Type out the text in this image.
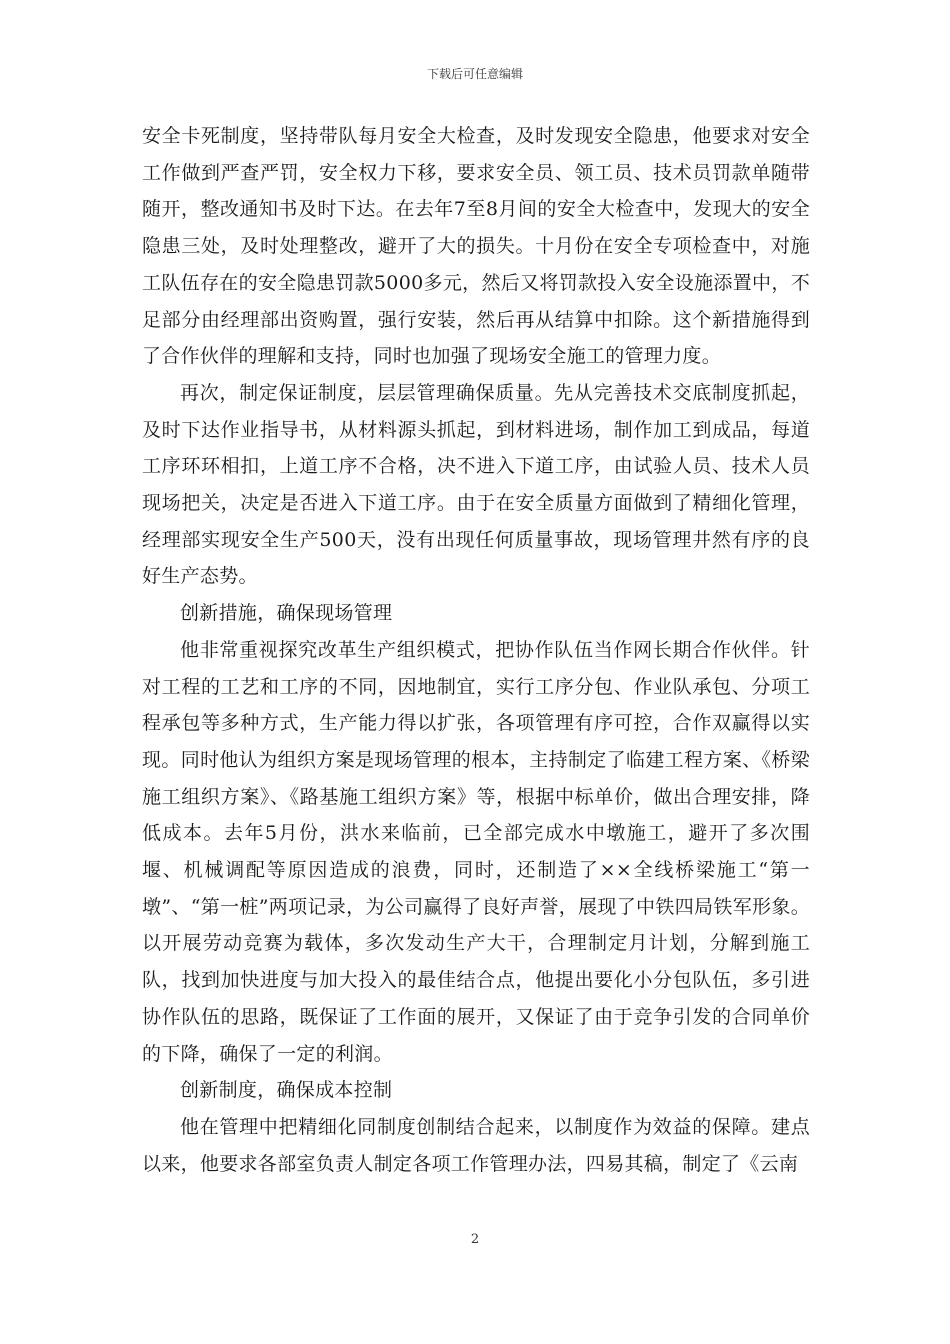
下载后可任意编辑

安全卡死制度，坚持带队每月安全大检查，及时发现安全隐患，他要求对安全工作做到严查严罚，安全权力下移，要求安全员、领工员、技术员罚款单随带随开，整改通知书及时下达。在去年7至8月间的安全大检查中，发现大的安全隐患三处，及时处理整改，避开了大的损失。十月份在安全专项检查中，对施工队伍存在的安全隐患罚款5000多元，然后又将罚款投入安全设施添置中，不足部分由经理部出资购置，强行安装，然后再从结算中扣除。这个新措施得到了合作伙伴的理解和支持，同时也加强了现场安全施工的管理力度。

再次，制定保证制度，层层管理确保质量。先从完善技术交底制度抓起，及时下达作业指导书，从材料源头抓起，到材料进场，制作加工到成品，每道工序环环相扣，上道工序不合格，决不进入下道工序，由试验人员、技术人员现场把关，决定是否进入下道工序。由于在安全质量方面做到了精细化管理，经理部实现安全生产500天，没有出现任何质量事故，现场管理井然有序的良好生产态势。

创新措施，确保现场管理

他非常重视探究改革生产组织模式，把协作队伍当作网长期合作伙伴。针对工程的工艺和工序的不同，因地制宜，实行工序分包、作业队承包、分项工程承包等多种方式，生产能力得以扩张，各项管理有序可控，合作双赢得以实现。同时他认为组织方案是现场管理的根本，主持制定了临建工程方案、《桥梁施工组织方案》、《路基施工组织方案》等，根据中标单价，做出合理安排，降低成本。去年5月份，洪水来临前，已全部完成水中墩施工，避开了多次围堰、机械调配等原因造成的浪费，同时，还制造了××全线桥梁施工“第一墩”、“第一桩”两项记录，为公司赢得了良好声誉，展现了中铁四局铁军形象。以开展劳动竞赛为载体，多次发动生产大干，合理制定月计划，分解到施工队，找到加快进度与加大投入的最佳结合点，他提出要化小分包队伍，多引进协作队伍的思路，既保证了工作面的展开，又保证了由于竞争引发的合同单价的下降，确保了一定的利润。

创新制度，确保成本控制

他在管理中把精细化同制度创制结合起来，以制度作为效益的保障。建点以来，他要求各部室负责人制定各项工作管理办法，四易其稿，制定了《云南

2
